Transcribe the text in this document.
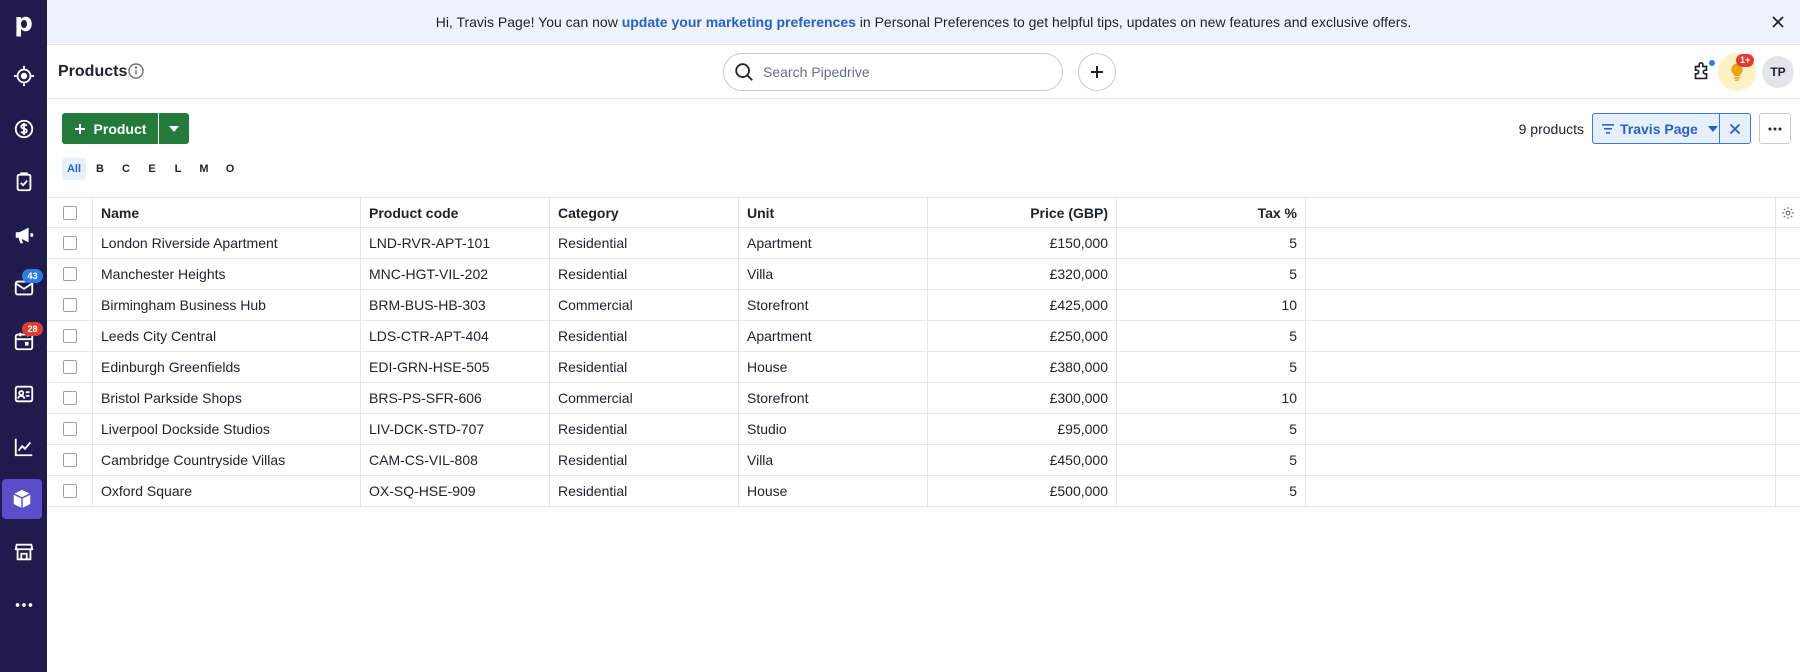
p
43
28
Hi, Travis Page! You can now update your marketing preferences in Personal Preferences to get helpful tips, updates on new features and exclusive offers.
Products
Search Pipedrive
1+
TP
Product	9 products	Travis Page
All	B	C	E	L	M	O
Name	Product code	Category	Unit	Price (GBP)	Tax %
London Riverside Apartment	LND-RVR-APT-101	Residential	Apartment	£150,000	5
Manchester Heights	MNC-HGT-VIL-202	Residential	Villa	£320,000	5
Birmingham Business Hub	BRM-BUS-HB-303	Commercial	Storefront	£425,000	10
Leeds City Central	LDS-CTR-APT-404	Residential	Apartment	£250,000	5
Edinburgh Greenfields	EDI-GRN-HSE-505	Residential	House	£380,000	5
Bristol Parkside Shops	BRS-PS-SFR-606	Commercial	Storefront	£300,000	10
Liverpool Dockside Studios	LIV-DCK-STD-707	Residential	Studio	£95,000	5
Cambridge Countryside Villas	CAM-CS-VIL-808	Residential	Villa	£450,000	5
Oxford Square	OX-SQ-HSE-909	Residential	House	£500,000	5
